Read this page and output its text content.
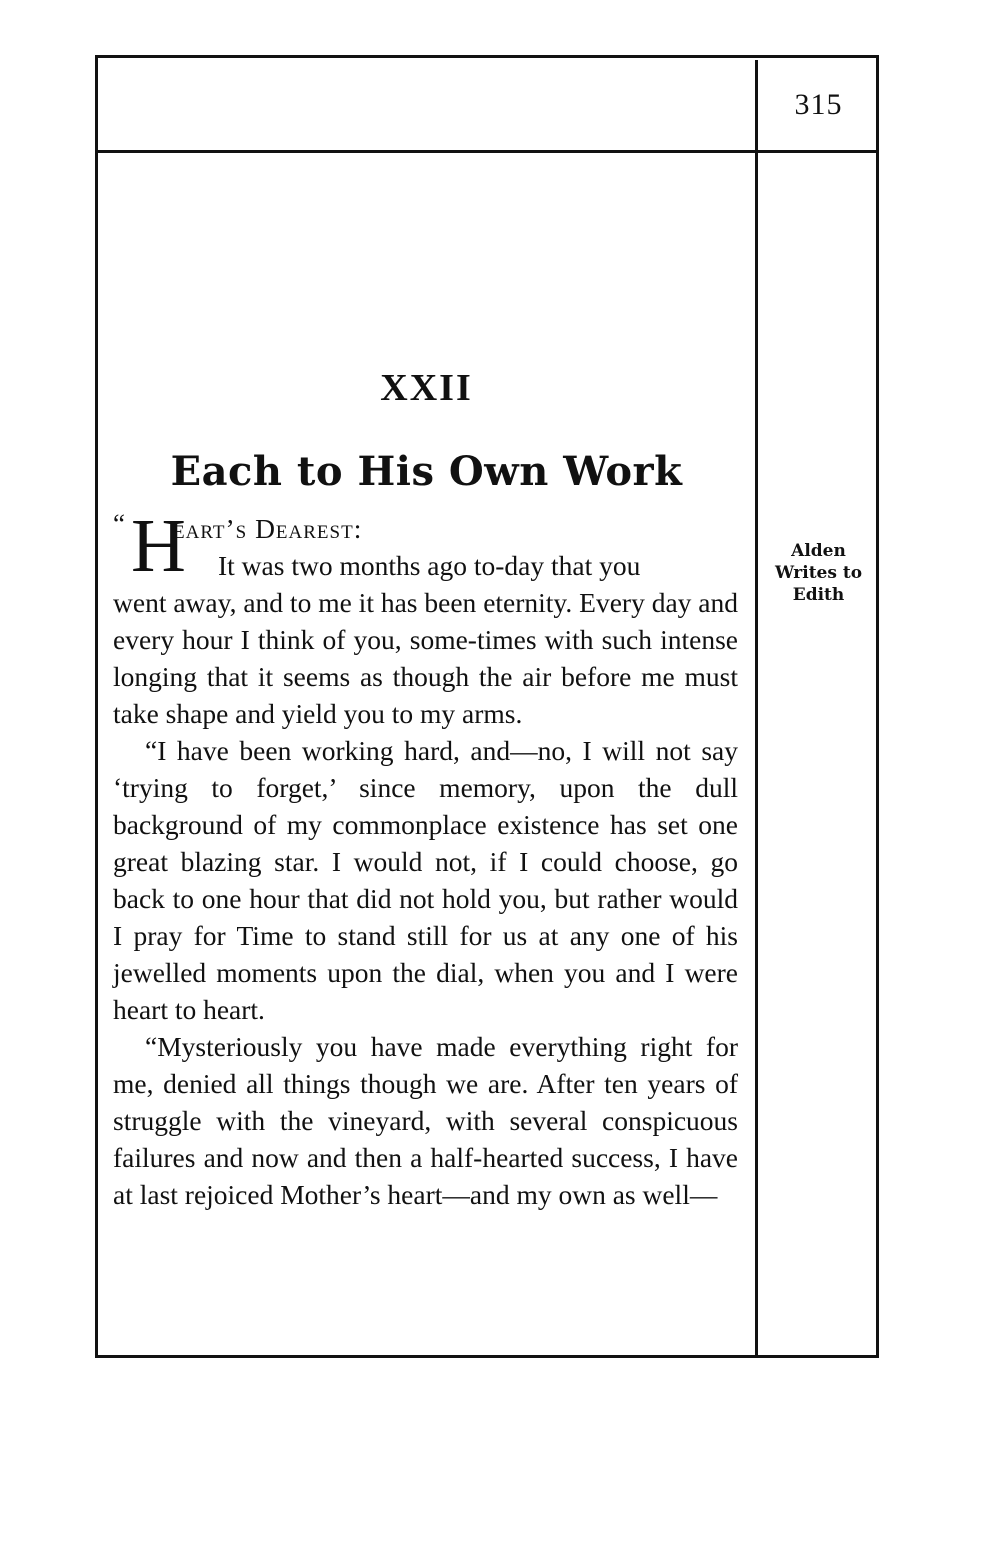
315
XXII
Each to His Own Work
“ H
eart’s Dearest:

It was two months ago to-day that you

went away, and to me it has been eternity. Every day and every hour I think of you, some-times with such intense longing that it seems as though the air before me must take shape and yield you to my arms.

“I have been working hard, and—no, I will not say ‘trying to forget,’ since memory, upon the dull background of my commonplace existence has set one great blazing star. I would not, if I could choose, go back to one hour that did not hold you, but rather would I pray for Time to stand still for us at any one of his jewelled moments upon the dial, when you and I were heart to heart.

“Mysteriously you have made everything right for me, denied all things though we are. After ten years of struggle with the vineyard, with several conspicuous failures and now and then a half-hearted success, I have at last rejoiced Mother’s heart—and my own as well—

Alden
Writes to
Edith
